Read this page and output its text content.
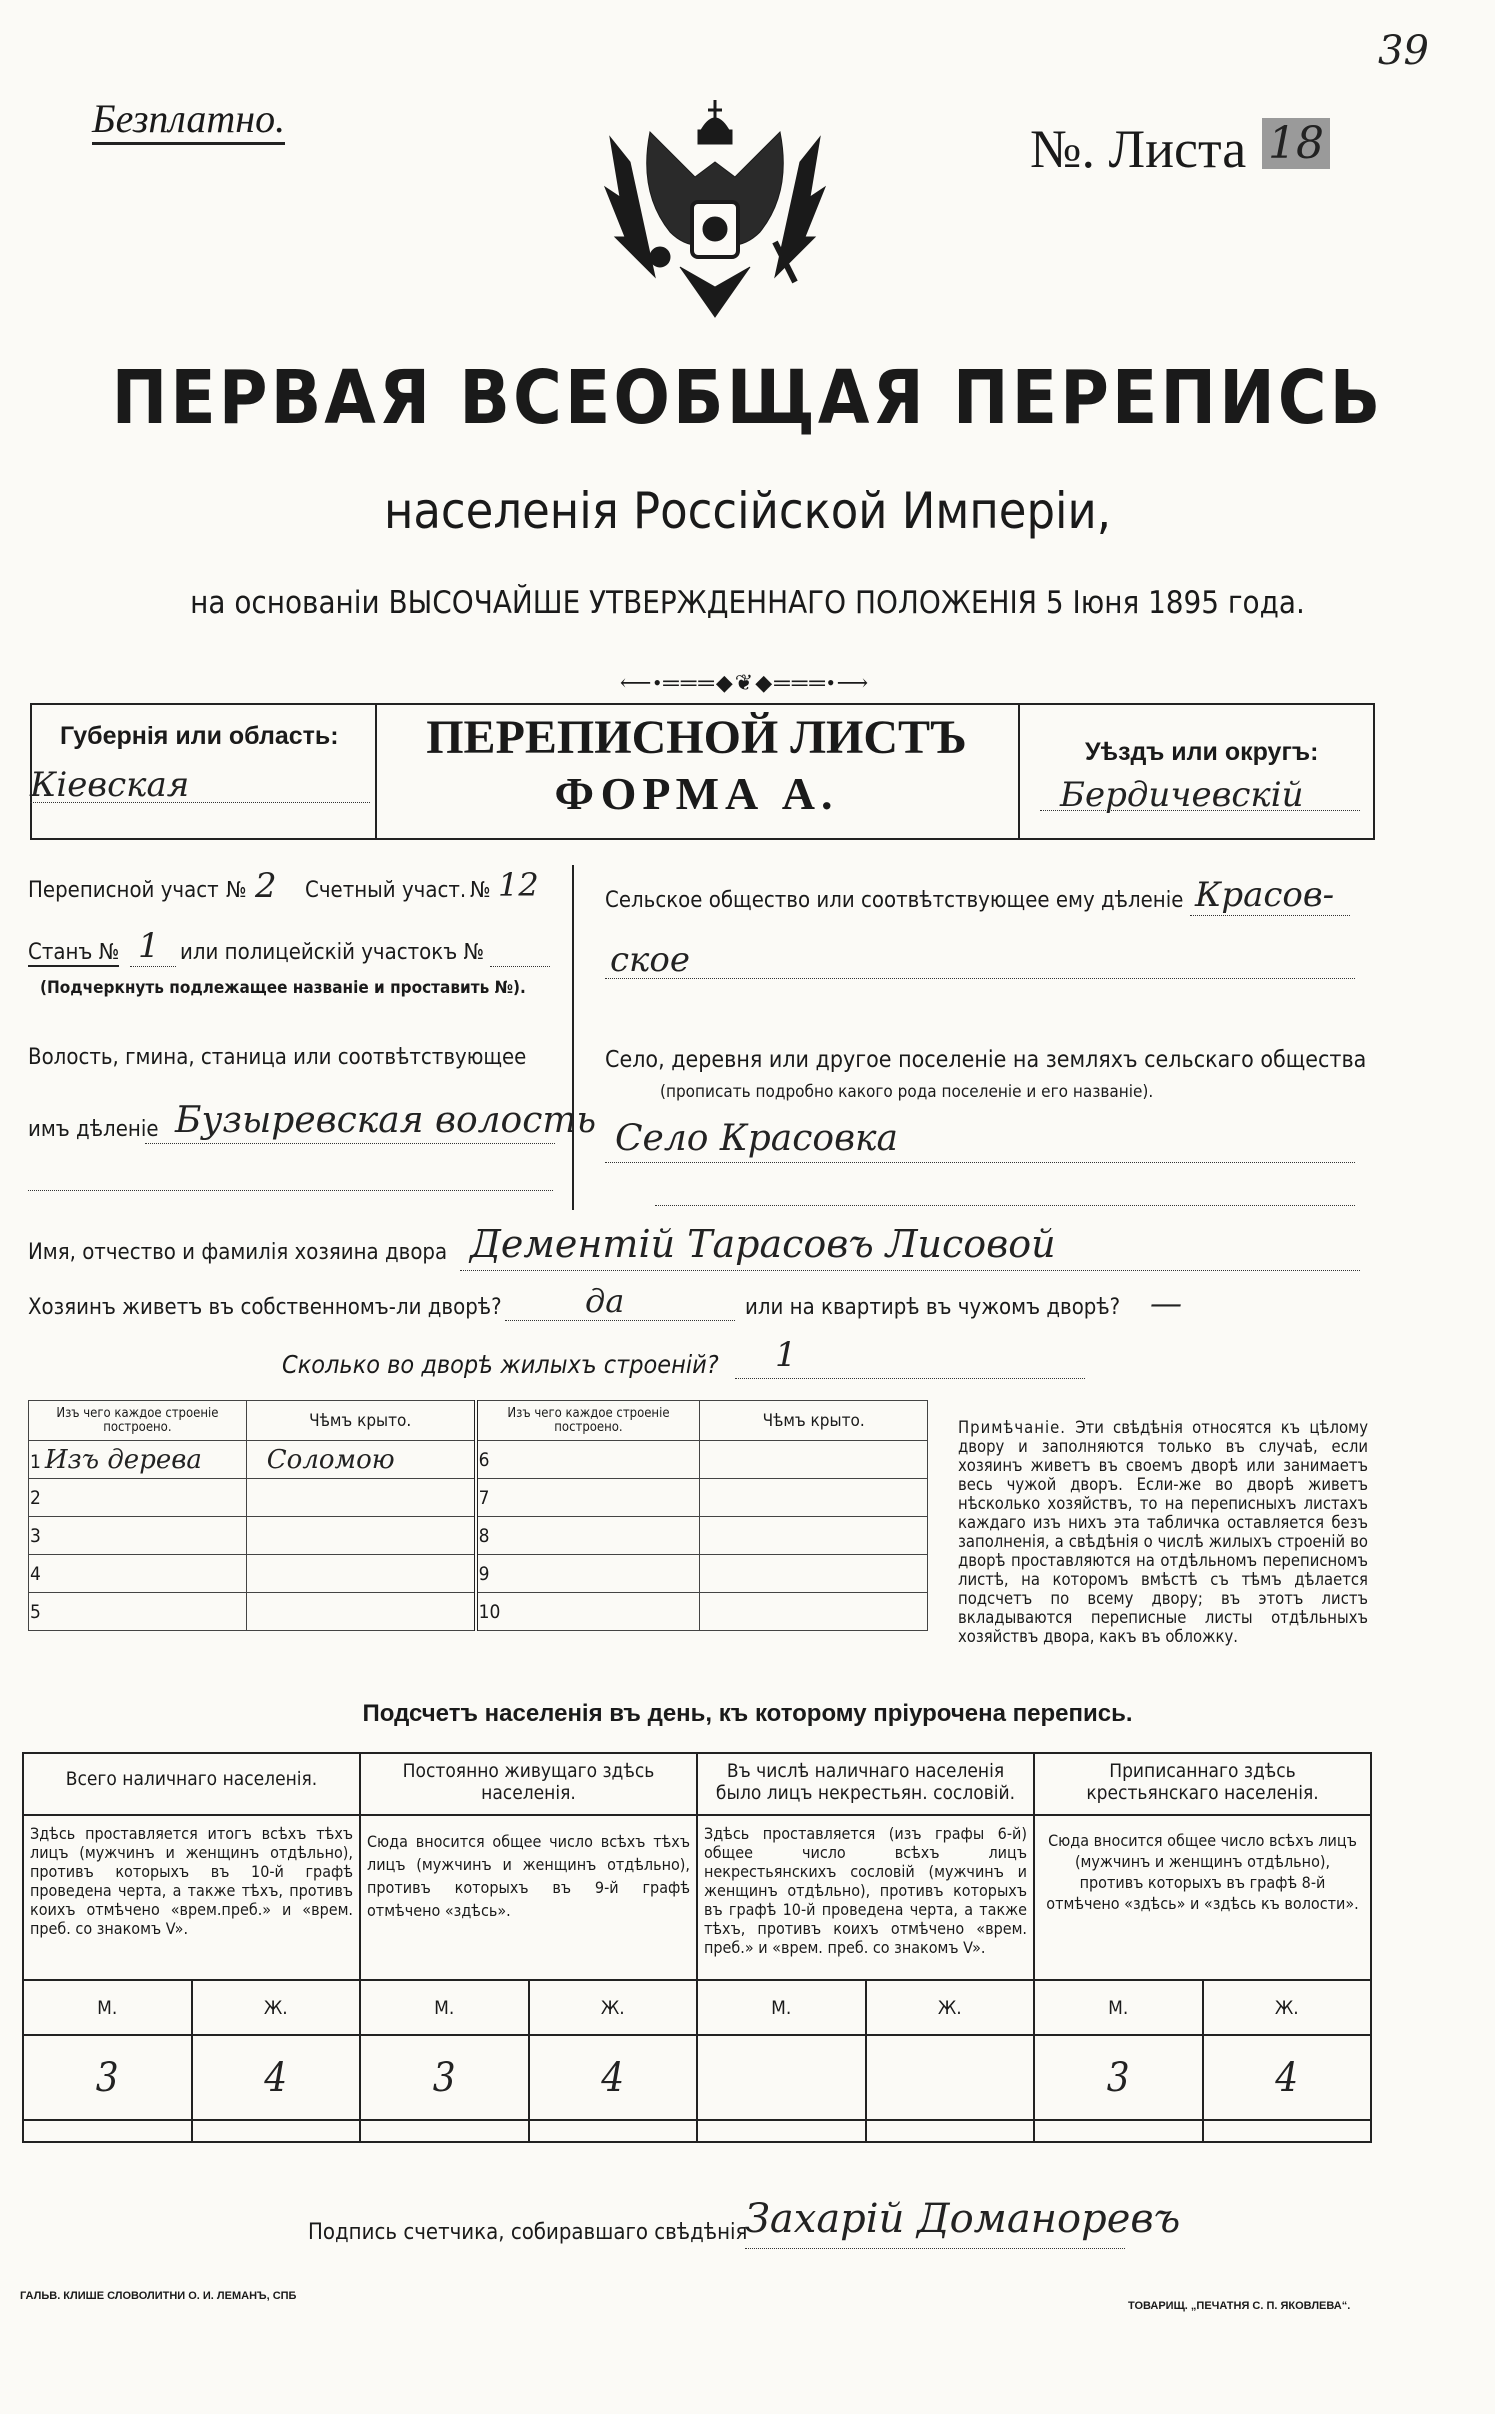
39
Безплатно.
№. Листа 18
ПЕРВАЯ ВСЕОБЩАЯ ПЕРЕПИСЬ
населенія Россійской Имперіи,
на основаніи ВЫСОЧАЙШЕ УТВЕРЖДЕННАГО ПОЛОЖЕНІЯ 5 Іюня 1895 года.
⟵•═══◆❦◆═══•⟶
Губернія или область:
Кіевская
ПЕРЕПИСНОЙ ЛИСТЪ
ФОРМА А.
Уѣздъ или округъ:
Бердичевскій
Переписной участ № 2 Счетный участ. № 12
Станъ № 1 или полицейскій участокъ №
(Подчеркнуть подлежащее названіе и проставить №).
Волость, гмина, станица или соотвѣтствующее
имъ дѣленіе Бузыревская волость
Сельское общество или соотвѣтствующее ему дѣленіе Красов-
ское
Село, деревня или другое поселеніе на земляхъ сельскаго общества
(прописать подробно какого рода поселеніе и его названіе).
Село Красовка
Имя, отчество и фамилія хозяина двора Дементій Тарасовъ Лисовой
Хозяинъ живетъ въ собственномъ-ли дворѣ?	да	или на квартирѣ въ чужомъ дворѣ? —
Сколько во дворѣ жилыхъ строеній? 1
Изъ чего каждое строеніе построено.	Чѣмъ крыто.	Изъ чего каждое строеніе построено.	Чѣмъ крыто.
1 Изъ дерева	Соломою	6	
2		7	
3		8	
4		9	
5		10	
Примѣчаніе. Эти свѣдѣнія относятся къ цѣлому двору и заполняются только въ случаѣ, если хозяинъ живетъ въ своемъ дворѣ или занимаетъ весь чужой дворъ. Если-же во дворѣ живетъ нѣсколько хозяйствъ, то на переписныхъ листахъ каждаго изъ нихъ эта табличка оставляется безъ заполненія, а свѣдѣнія о числѣ жилыхъ строеній во дворѣ проставляются на отдѣльномъ переписномъ листѣ, на которомъ вмѣстѣ съ тѣмъ дѣлается подсчетъ по всему двору; въ этотъ листъ вкладываются переписные листы отдѣльныхъ хозяйствъ двора, какъ въ обложку.
Подсчетъ населенія въ день, къ которому пріурочена перепись.
Всего наличнаго населенія.		Постоянно живущаго здѣсь населенія.		Въ числѣ наличнаго населенія было лицъ некрестьян. сословій.		Приписаннаго здѣсь крестьянскаго населенія.	
Здѣсь проставляется итогъ всѣхъ тѣхъ лицъ (мужчинъ и женщинъ отдѣльно), противъ которыхъ въ 10-й графѣ проведена черта, а также тѣхъ, противъ коихъ отмѣчено «врем.преб.» и «врем. преб. со знакомъ V».		Сюда вносится общее число всѣхъ тѣхъ лицъ (мужчинъ и женщинъ отдѣльно), противъ которыхъ въ 9-й графѣ отмѣчено «здѣсь».		Здѣсь проставляется (изъ графы 6-й) общее число всѣхъ лицъ некрестьянскихъ сословій (мужчинъ и женщинъ отдѣльно), противъ которыхъ въ графѣ 10-й проведена черта, а также тѣхъ, противъ коихъ отмѣчено «врем. преб.» и «врем. преб. со знакомъ V».		Сюда вносится общее число всѣхъ лицъ (мужчинъ и женщинъ отдѣльно), противъ которыхъ въ графѣ 8-й отмѣчено «здѣсь» и «здѣсь къ волости».	
М.	Ж.	М.	Ж.	М.	Ж.	М.	Ж.
3	4	3	4			3	4

Подпись счетчика, собиравшаго свѣдѣнія
Захарій Доманоревъ
ГАЛЬВ. КЛИШЕ СЛОВОЛИТНИ О. И. ЛЕМАНЪ, СПБ
ТОВАРИЩ. „ПЕЧАТНЯ С. П. ЯКОВЛЕВА“.
